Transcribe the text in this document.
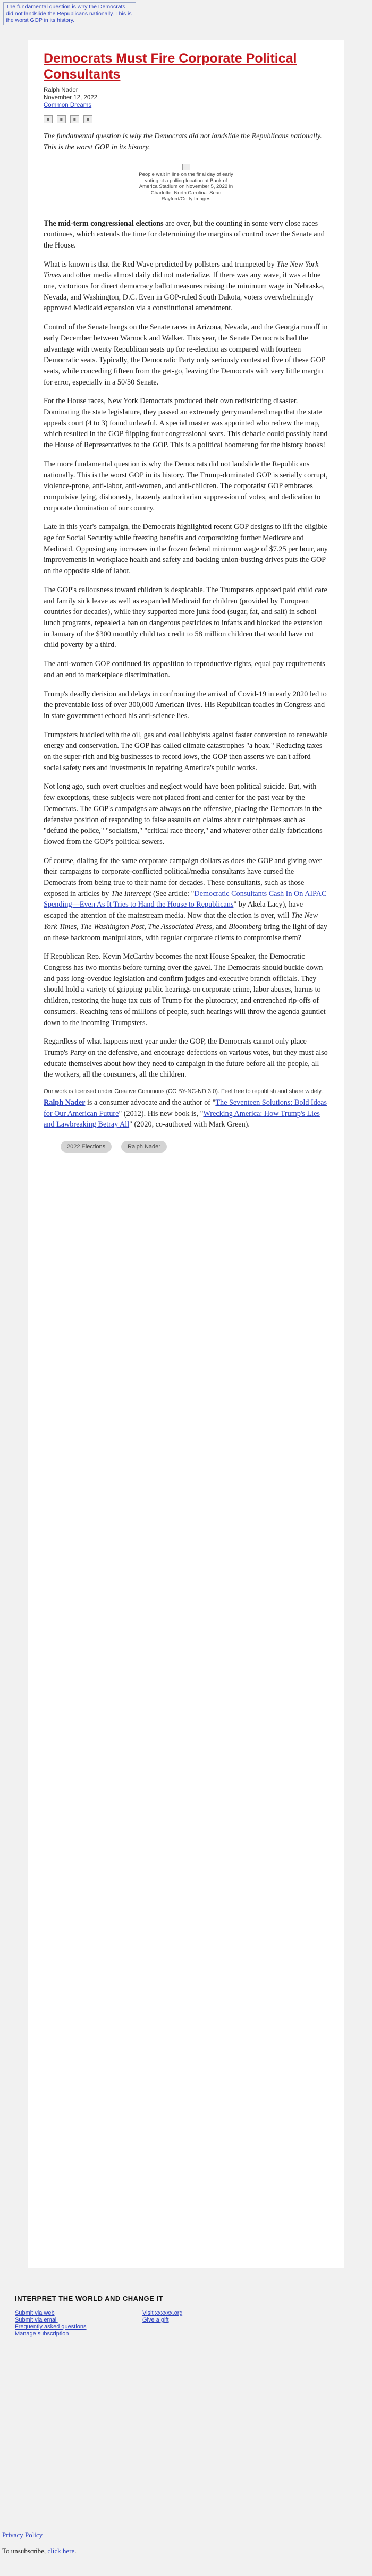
The fundamental question is why the Democrats did not landslide the Republicans nationally. This is the worst GOP in its history.
Democrats Must Fire Corporate Political Consultants
Ralph Nader
November 12, 2022
Common Dreams
▪	▪	▪	▪

The fundamental question is why the Democrats did not landslide the Republicans nationally. This is the worst GOP in its history.

People wait in line on the final day of early voting at a polling location at Bank of America Stadium on November 5, 2022 in Charlotte, North Carolina. Sean Rayford/Getty Images

The mid-term congressional elections are over, but the counting in some very close races continues, which extends the time for determining the margins of control over the Senate and the House.

What is known is that the Red Wave predicted by pollsters and trumpeted by The New York Times and other media almost daily did not materialize. If there was any wave, it was a blue one, victorious for direct democracy ballot measures raising the minimum wage in Nebraska, Nevada, and Washington, D.C. Even in GOP-ruled South Dakota, voters overwhelmingly approved Medicaid expansion via a constitutional amendment.

Control of the Senate hangs on the Senate races in Arizona, Nevada, and the Georgia runoff in early December between Warnock and Walker. This year, the Senate Democrats had the advantage with twenty Republican seats up for re-election as compared with fourteen Democratic seats. Typically, the Democratic Party only seriously contested five of these GOP seats, while conceding fifteen from the get-go, leaving the Democrats with very little margin for error, especially in a 50/50 Senate.

For the House races, New York Democrats produced their own redistricting disaster. Dominating the state legislature, they passed an extremely gerrymandered map that the state appeals court (4 to 3) found unlawful. A special master was appointed who redrew the map, which resulted in the GOP flipping four congressional seats. This debacle could possibly hand the House of Representatives to the GOP. This is a political boomerang for the history books!

The more fundamental question is why the Democrats did not landslide the Republicans nationally. This is the worst GOP in its history. The Trump-dominated GOP is serially corrupt, violence-prone, anti-labor, anti-women, and anti-children. The corporatist GOP embraces compulsive lying, dishonesty, brazenly authoritarian suppression of votes, and dedication to corporate domination of our country.

Late in this year's campaign, the Democrats highlighted recent GOP designs to lift the eligible age for Social Security while freezing benefits and corporatizing further Medicare and Medicaid. Opposing any increases in the frozen federal minimum wage of $7.25 per hour, any improvements in workplace health and safety and backing union-busting drives puts the GOP on the opposite side of labor.

The GOP's callousness toward children is despicable. The Trumpsters opposed paid child care and family sick leave as well as expanded Medicaid for children (provided by European countries for decades), while they supported more junk food (sugar, fat, and salt) in school lunch programs, repealed a ban on dangerous pesticides to infants and blocked the extension in January of the $300 monthly child tax credit to 58 million children that would have cut child poverty by a third.

The anti-women GOP continued its opposition to reproductive rights, equal pay requirements and an end to marketplace discrimination.

Trump's deadly derision and delays in confronting the arrival of Covid-19 in early 2020 led to the preventable loss of over 300,000 American lives. His Republican toadies in Congress and in state government echoed his anti-science lies.

Trumpsters huddled with the oil, gas and coal lobbyists against faster conversion to renewable energy and conservation. The GOP has called climate catastrophes "a hoax." Reducing taxes on the super-rich and big businesses to record lows, the GOP then asserts we can't afford social safety nets and investments in repairing America's public works.

Not long ago, such overt cruelties and neglect would have been political suicide. But, with few exceptions, these subjects were not placed front and center for the past year by the Democrats. The GOP's campaigns are always on the offensive, placing the Democrats in the defensive position of responding to false assaults on claims about catchphrases such as "defund the police," "socialism," "critical race theory," and whatever other daily fabrications flowed from the GOP's political sewers.

Of course, dialing for the same corporate campaign dollars as does the GOP and giving over their campaigns to corporate-conflicted political/media consultants have cursed the Democrats from being true to their name for decades. These consultants, such as those exposed in articles by The Intercept (See article: "Democratic Consultants Cash In On AIPAC Spending—Even As It Tries to Hand the House to Republicans" by Akela Lacy), have escaped the attention of the mainstream media. Now that the election is over, will The New York Times, The Washington Post, The Associated Press, and Bloomberg bring the light of day on these backroom manipulators, with regular corporate clients to compromise them?

If Republican Rep. Kevin McCarthy becomes the next House Speaker, the Democratic Congress has two months before turning over the gavel. The Democrats should buckle down and pass long-overdue legislation and confirm judges and executive branch officials. They should hold a variety of gripping public hearings on corporate crime, labor abuses, harms to children, restoring the huge tax cuts of Trump for the plutocracy, and entrenched rip-offs of consumers. Reaching tens of millions of people, such hearings will throw the agenda gauntlet down to the incoming Trumpsters.

Regardless of what happens next year under the GOP, the Democrats cannot only place Trump's Party on the defensive, and encourage defections on various votes, but they must also educate themselves about how they need to campaign in the future before all the people, all the workers, all the consumers, all the children.

Our work is licensed under Creative Commons (CC BY-NC-ND 3.0). Feel free to republish and share widely.
Ralph Nader is a consumer advocate and the author of "The Seventeen Solutions: Bold Ideas for Our American Future" (2012). His new book is, "Wrecking America: How Trump's Lies and Lawbreaking Betray All" (2020, co-authored with Mark Green).
2022 Elections	Ralph Nader
INTERPRET THE WORLD AND CHANGE IT
Submit via web
Submit via email
Frequently asked questions
Manage subscription
Visit xxxxxx.org
Give a gift
Privacy Policy
To unsubscribe, click here.
